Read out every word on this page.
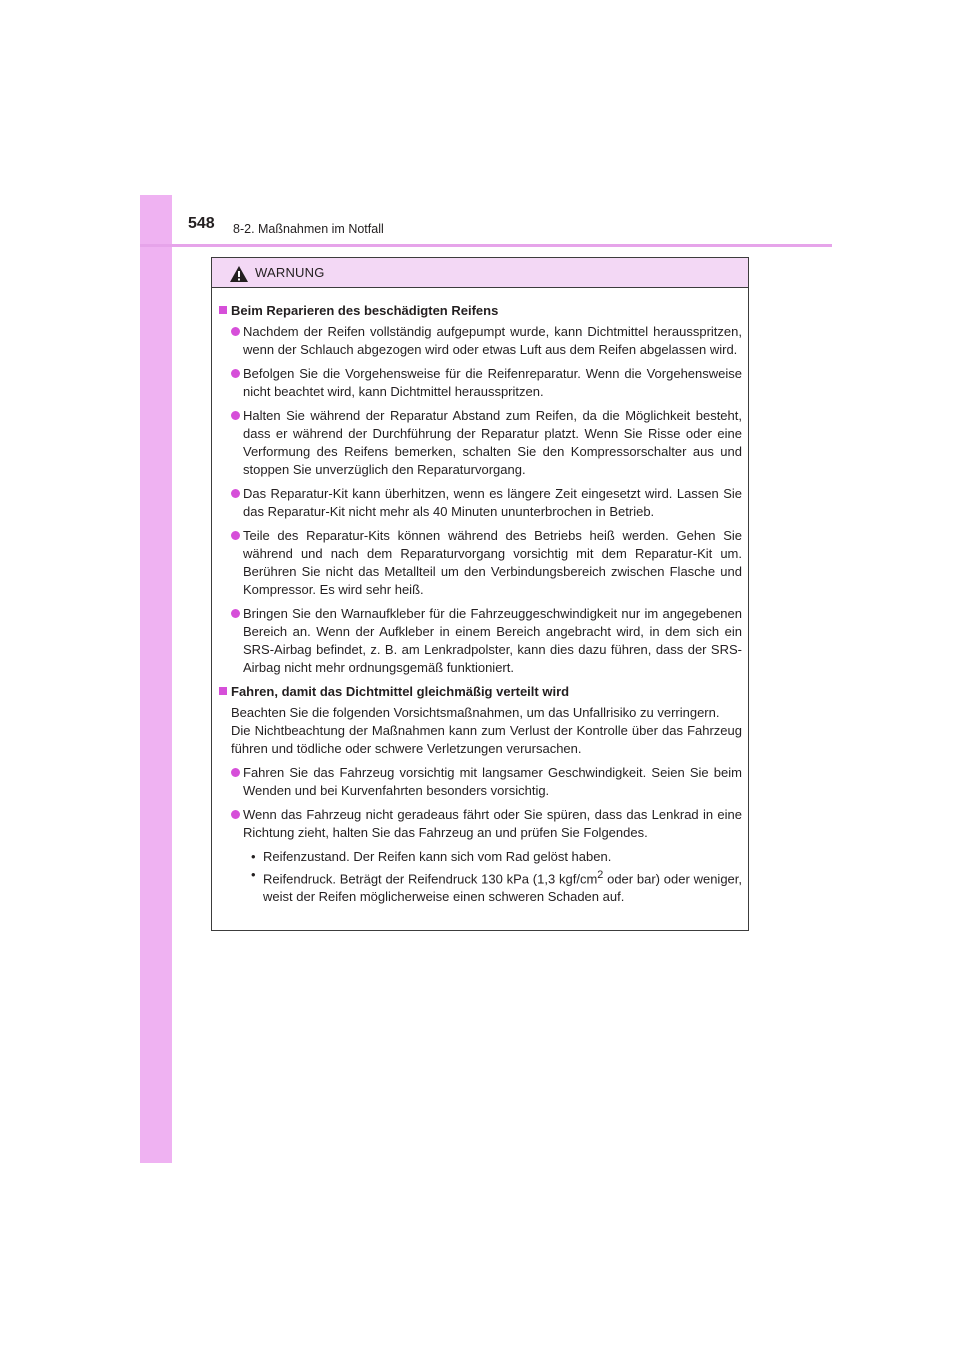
548 8-2. Maßnahmen im Notfall
WARNUNG
Beim Reparieren des beschädigten Reifens
Nachdem der Reifen vollständig aufgepumpt wurde, kann Dichtmittel herausspritzen, wenn der Schlauch abgezogen wird oder etwas Luft aus dem Reifen abgelassen wird.
Befolgen Sie die Vorgehensweise für die Reifenreparatur. Wenn die Vorgehensweise nicht beachtet wird, kann Dichtmittel herausspritzen.
Halten Sie während der Reparatur Abstand zum Reifen, da die Möglichkeit besteht, dass er während der Durchführung der Reparatur platzt. Wenn Sie Risse oder eine Verformung des Reifens bemerken, schalten Sie den Kompressorschalter aus und stoppen Sie unverzüglich den Reparaturvorgang.
Das Reparatur-Kit kann überhitzen, wenn es längere Zeit eingesetzt wird. Lassen Sie das Reparatur-Kit nicht mehr als 40 Minuten ununterbrochen in Betrieb.
Teile des Reparatur-Kits können während des Betriebs heiß werden. Gehen Sie während und nach dem Reparaturvorgang vorsichtig mit dem Reparatur-Kit um. Berühren Sie nicht das Metallteil um den Verbindungsbereich zwischen Flasche und Kompressor. Es wird sehr heiß.
Bringen Sie den Warnaufkleber für die Fahrzeuggeschwindigkeit nur im angegebenen Bereich an. Wenn der Aufkleber in einem Bereich angebracht wird, in dem sich ein SRS-Airbag befindet, z. B. am Lenkradpolster, kann dies dazu führen, dass der SRS-Airbag nicht mehr ordnungsgemäß funktioniert.
Fahren, damit das Dichtmittel gleichmäßig verteilt wird
Beachten Sie die folgenden Vorsichtsmaßnahmen, um das Unfallrisiko zu verringern.
Die Nichtbeachtung der Maßnahmen kann zum Verlust der Kontrolle über das Fahrzeug führen und tödliche oder schwere Verletzungen verursachen.
Fahren Sie das Fahrzeug vorsichtig mit langsamer Geschwindigkeit. Seien Sie beim Wenden und bei Kurvenfahrten besonders vorsichtig.
Wenn das Fahrzeug nicht geradeaus fährt oder Sie spüren, dass das Lenkrad in eine Richtung zieht, halten Sie das Fahrzeug an und prüfen Sie Folgendes.
• Reifenzustand. Der Reifen kann sich vom Rad gelöst haben.
• Reifendruck. Beträgt der Reifendruck 130 kPa (1,3 kgf/$cm^2$ oder bar) oder weniger, weist der Reifen möglicherweise einen schweren Schaden auf.
